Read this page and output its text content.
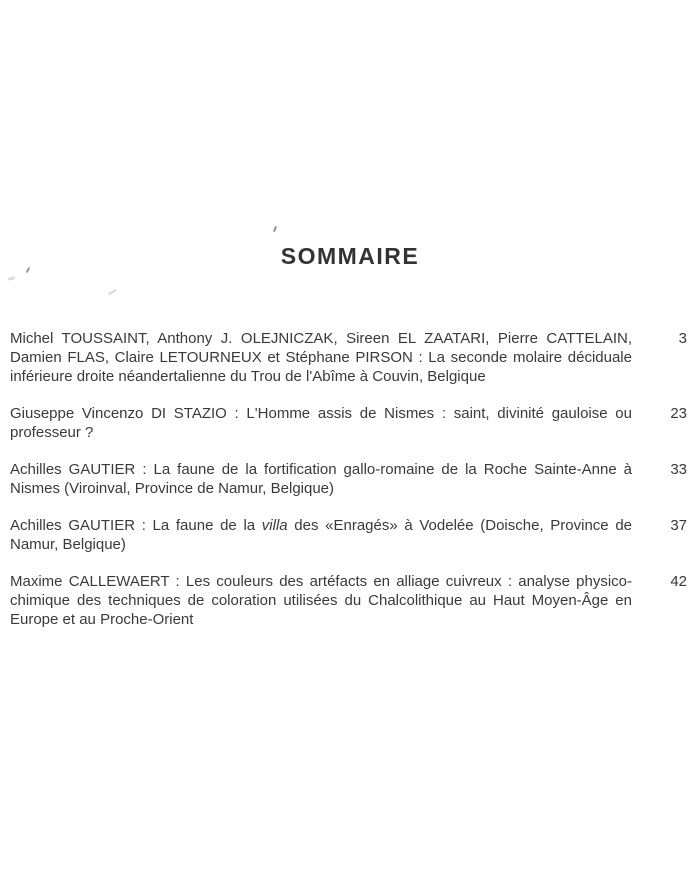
SOMMAIRE
Michel TOUSSAINT, Anthony J. OLEJNICZAK, Sireen EL ZAATARI, Pierre CATTELAIN,
Damien FLAS, Claire LETOURNEUX et Stéphane PIRSON : La seconde molaire déciduale
inférieure droite néandertalienne du Trou de l'Abîme à Couvin, Belgique
3
Giuseppe Vincenzo DI STAZIO : L'Homme assis de Nismes : saint, divinité gauloise ou
professeur ?
23
Achilles GAUTIER : La faune de la fortification gallo-romaine de la Roche Sainte-Anne à
Nismes (Viroinval, Province de Namur, Belgique)
33
Achilles GAUTIER : La faune de la villa des «Enragés» à Vodelée (Doische, Province de
Namur, Belgique)
37
Maxime CALLEWAERT : Les couleurs des artéfacts en alliage cuivreux : analyse physico-
chimique des techniques de coloration utilisées du Chalcolithique au Haut Moyen-Âge en
Europe et au Proche-Orient
42
